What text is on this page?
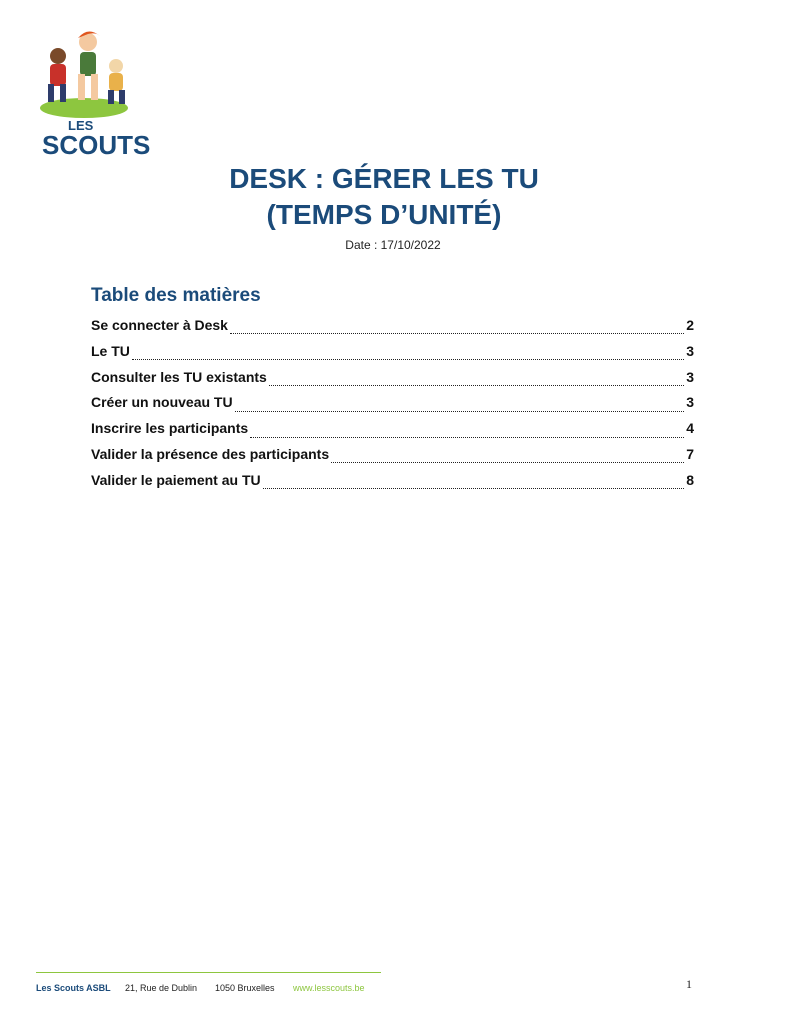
LES
SCOUTS
DESK : GÉRER LES TU
(TEMPS D’UNITÉ)
Date : 17/10/2022
Table des matières
Se connecter à Desk	2
Le TU	3
Consulter les TU existants	3
Créer un nouveau TU	3
Inscrire les participants	4
Valider la présence des participants	7
Valider le paiement au TU	8
Les Scouts ASBL 21, Rue de Dublin 1050 Bruxelles www.lesscouts.be	1
